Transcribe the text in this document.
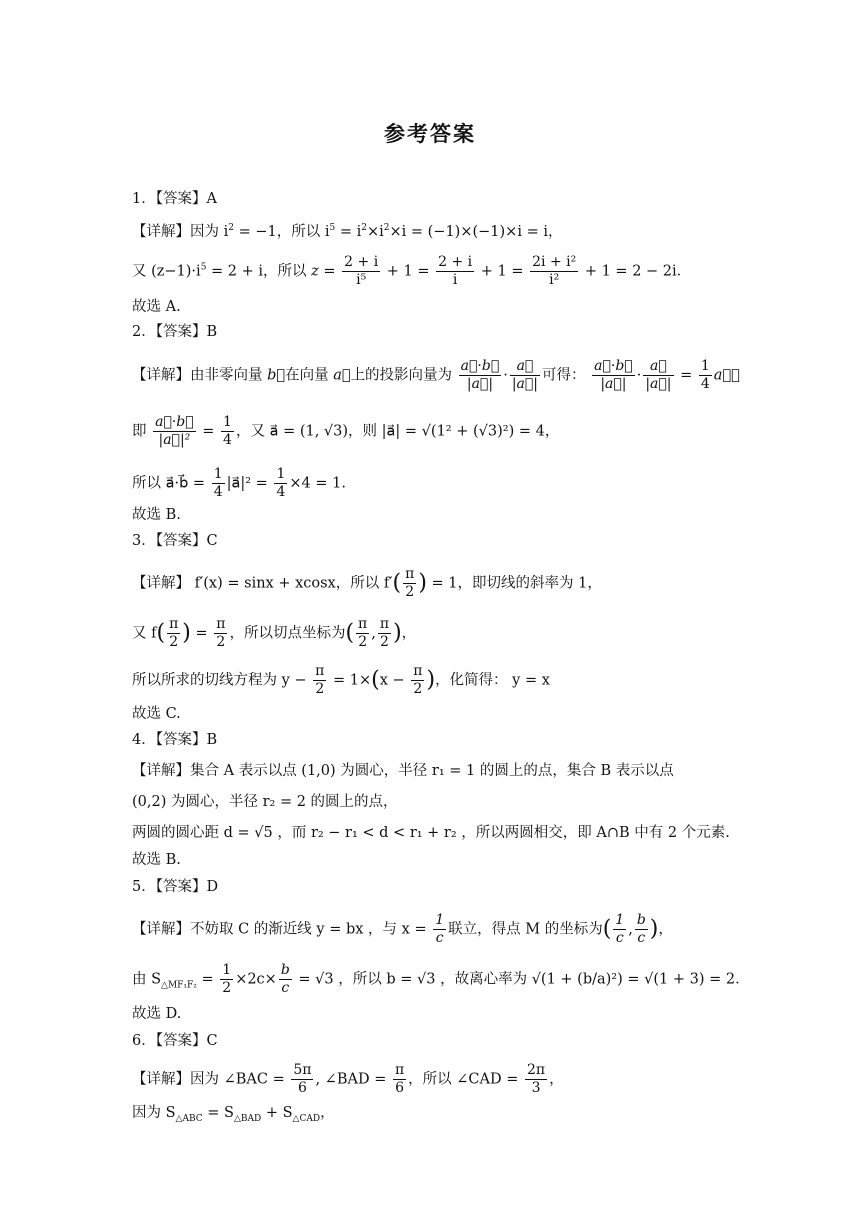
参考答案
1．【答案】A
【详解】因为 $i^2 = -1$，所以 $i^5 = i^2\times i^2\times i = (-1)\times(-1)\times i = i$，
又 $(z-1)\cdot i^5 = 2 + i$，所以 $z = \frac{2 + i}{\text{i⁵}} + 1 = \frac{2 + i}{i} + 1 = \frac{\text{2i + i²}}{\text{i²}} + 1 = 2 - 2i$．
故选 A.
2．【答案】B
【详解】由非零向量 b⃗在向量 a⃗上的投影向量为 $\frac{a⃗\cdot b⃗}{|a⃗|} \cdot \frac{a⃗}{|a⃗|}$ 可得： $\frac{a⃗\cdot b⃗}{|a⃗|} \cdot \frac{a⃗}{|a⃗|} = \frac{1}{4}$ a⃗，
即 $\frac{a⃗\cdot b⃗}{\text{|a⃗|²}} = \frac{1}{4}$ ，又 a⃗ = (1, √3)，则 |a⃗| = √(1² + (√3)²) = 4，
所以 a⃗·b⃗ = $\frac{1}{4}$ |a⃗|² = $\frac{1}{4} \times 4 = 1$.
故选 B.
3．【答案】C
【详解】 f′(x) = sinx + xcosx，所以 $f'( \frac{\pi}{2}$ ) = 1，即切线的斜率为 1，
又 $f( \frac{\pi}{2}$ ) = $\frac{\pi}{2}$ ，所以切点坐标为( $\frac{\pi}{2}$ , $\frac{\pi}{2}$ )，
所以所求的切线方程为 $y - \frac{\pi}{2} = 1\times(x - \frac{\pi}{2}$ )，化简得： y = x
故选 C.
4．【答案】B
【详解】集合 A 表示以点 (1,0) 为圆心，半径 r₁ = 1 的圆上的点，集合 B 表示以点
(0,2) 为圆心，半径 r₂ = 2 的圆上的点，
两圆的圆心距 d = √5 ，而 r₂ − r₁ < d < r₁ + r₂ ，所以两圆相交，即 A∩B 中有 2 个元素.
故选 B.
5．【答案】D
【详解】不妨取 C 的渐近线 y = bx ，与 $x = \frac{1}{c}$ 联立，得点 M 的坐标为( $\frac{1}{c}$ , $\frac{b}{c}$ )，
由 $S_{\triangle MF_1F_2} = \frac{1}{2} \times 2c\times \frac{b}{c} = √3$ ，所以 b = √3 ，故离心率为 √(1 + (b/a)²) = √(1 + 3) = 2．
故选 D.
6．【答案】C
【详解】因为 ∠BAC = $\frac{5\pi}{6}$ , ∠BAD = $\frac{\pi}{6}$ ，所以 ∠CAD = $\frac{2\pi}{3}$ ，
因为 $S_{\triangle ABC} = S_{\triangle BAD} + S_{\triangle CAD}$，
